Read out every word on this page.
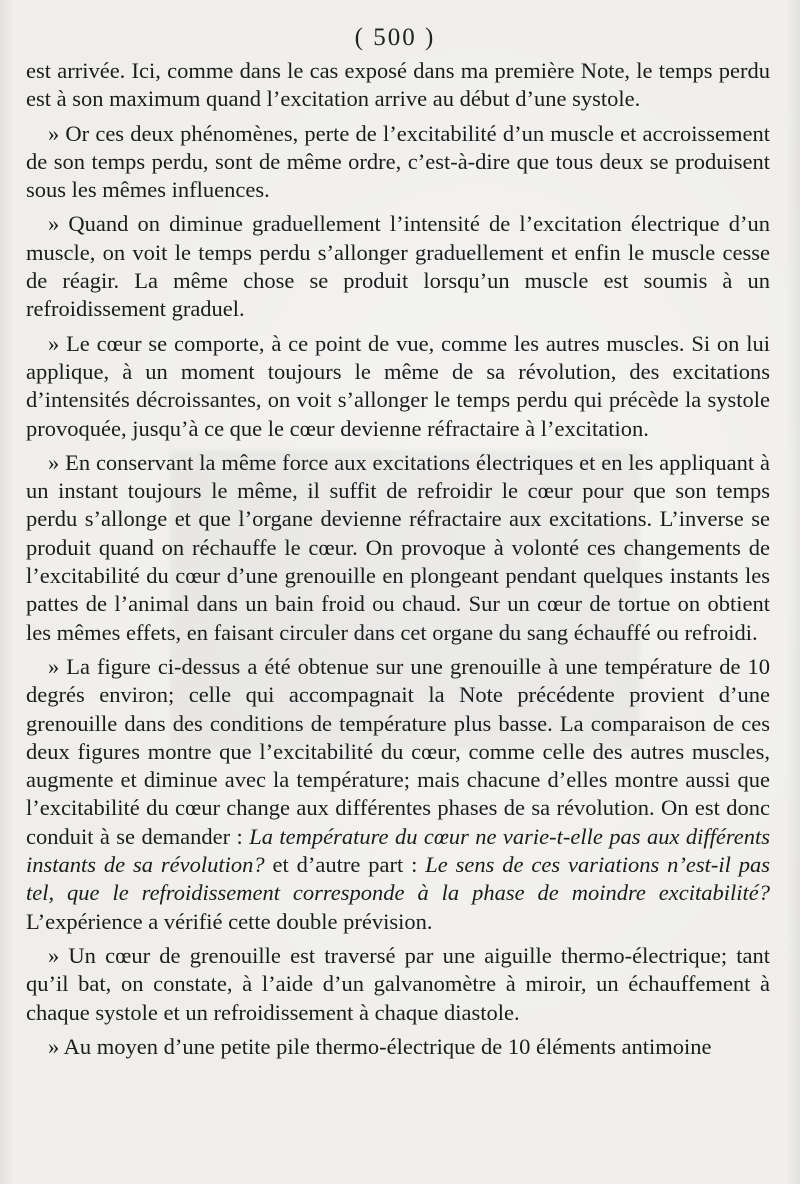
( 500 )

est arrivée. Ici, comme dans le cas exposé dans ma première Note, le temps perdu est à son maximum quand l’excitation arrive au début d’une systole.

» Or ces deux phénomènes, perte de l’excitabilité d’un muscle et accroissement de son temps perdu, sont de même ordre, c’est-à-dire que tous deux se produisent sous les mêmes influences.

» Quand on diminue graduellement l’intensité de l’excitation électrique d’un muscle, on voit le temps perdu s’allonger graduellement et enfin le muscle cesse de réagir. La même chose se produit lorsqu’un muscle est soumis à un refroidissement graduel.

» Le cœur se comporte, à ce point de vue, comme les autres muscles. Si on lui applique, à un moment toujours le même de sa révolution, des excitations d’intensités décroissantes, on voit s’allonger le temps perdu qui précède la systole provoquée, jusqu’à ce que le cœur devienne réfractaire à l’excitation.

» En conservant la même force aux excitations électriques et en les appliquant à un instant toujours le même, il suffit de refroidir le cœur pour que son temps perdu s’allonge et que l’organe devienne réfractaire aux excitations. L’inverse se produit quand on réchauffe le cœur. On provoque à volonté ces changements de l’excitabilité du cœur d’une grenouille en plongeant pendant quelques instants les pattes de l’animal dans un bain froid ou chaud. Sur un cœur de tortue on obtient les mêmes effets, en faisant circuler dans cet organe du sang échauffé ou refroidi.

» La figure ci-dessus a été obtenue sur une grenouille à une température de 10 degrés environ; celle qui accompagnait la Note précédente provient d’une grenouille dans des conditions de température plus basse. La comparaison de ces deux figures montre que l’excitabilité du cœur, comme celle des autres muscles, augmente et diminue avec la température; mais chacune d’elles montre aussi que l’excitabilité du cœur change aux différentes phases de sa révolution. On est donc conduit à se demander : La température du cœur ne varie-t-elle pas aux différents instants de sa révolution? et d’autre part : Le sens de ces variations n’est-il pas tel, que le refroidissement corresponde à la phase de moindre excitabilité? L’expérience a vérifié cette double prévision.

» Un cœur de grenouille est traversé par une aiguille thermo-électrique; tant qu’il bat, on constate, à l’aide d’un galvanomètre à miroir, un échauffement à chaque systole et un refroidissement à chaque diastole.

» Au moyen d’une petite pile thermo-électrique de 10 éléments antimoine
